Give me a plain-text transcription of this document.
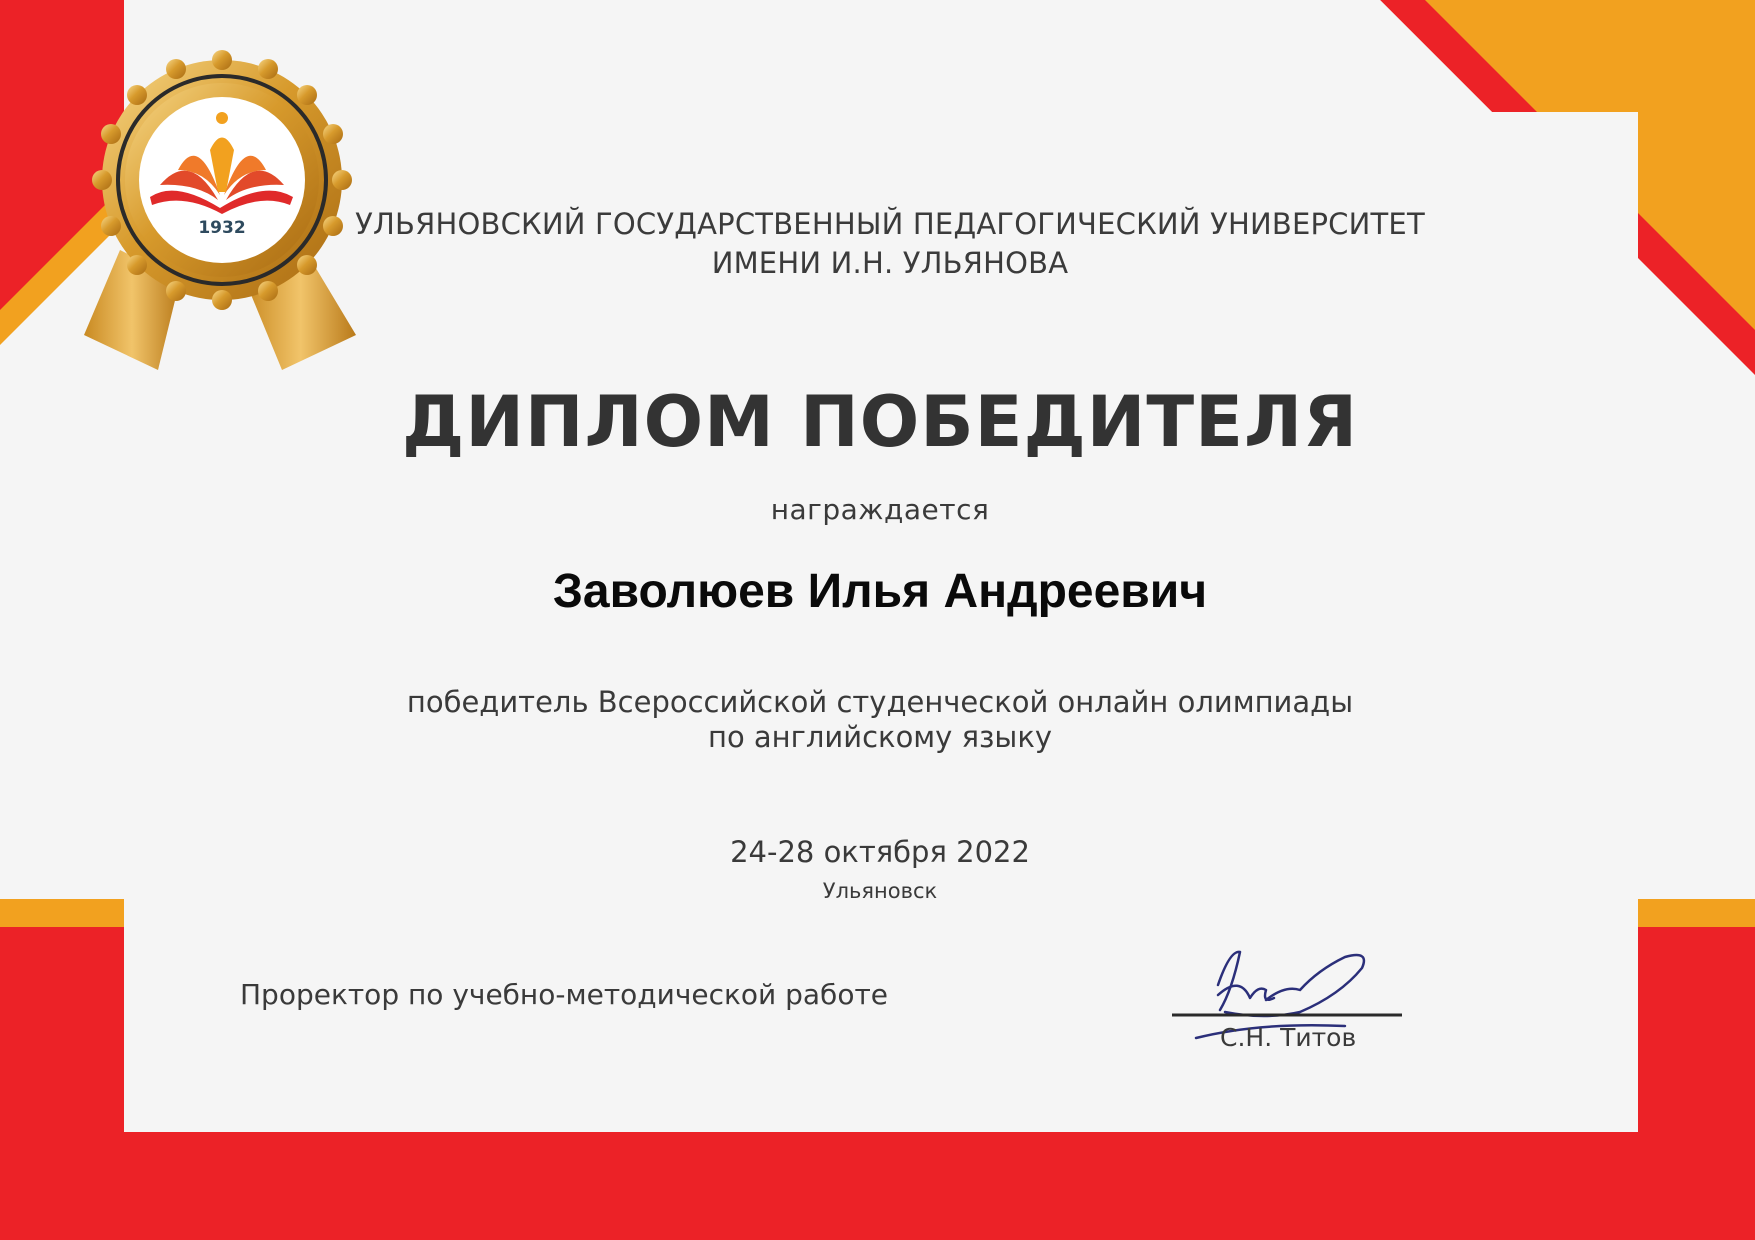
1932	УЛЬЯНОВСКИЙ ГОСУДАРСТВЕННЫЙ ПЕДАГОГИЧЕСКИЙ УНИВЕРСИТЕТ
ИМЕНИ И.Н. УЛЬЯНОВА
ДИПЛОМ ПОБЕДИТЕЛЯ
награждается
Заволюев Илья Андреевич
победитель Всероссийской студенческой онлайн олимпиады
по английскому языку
24-28 октября 2022
Ульяновск
Проректор по учебно-методической работе
С.Н. Титов
